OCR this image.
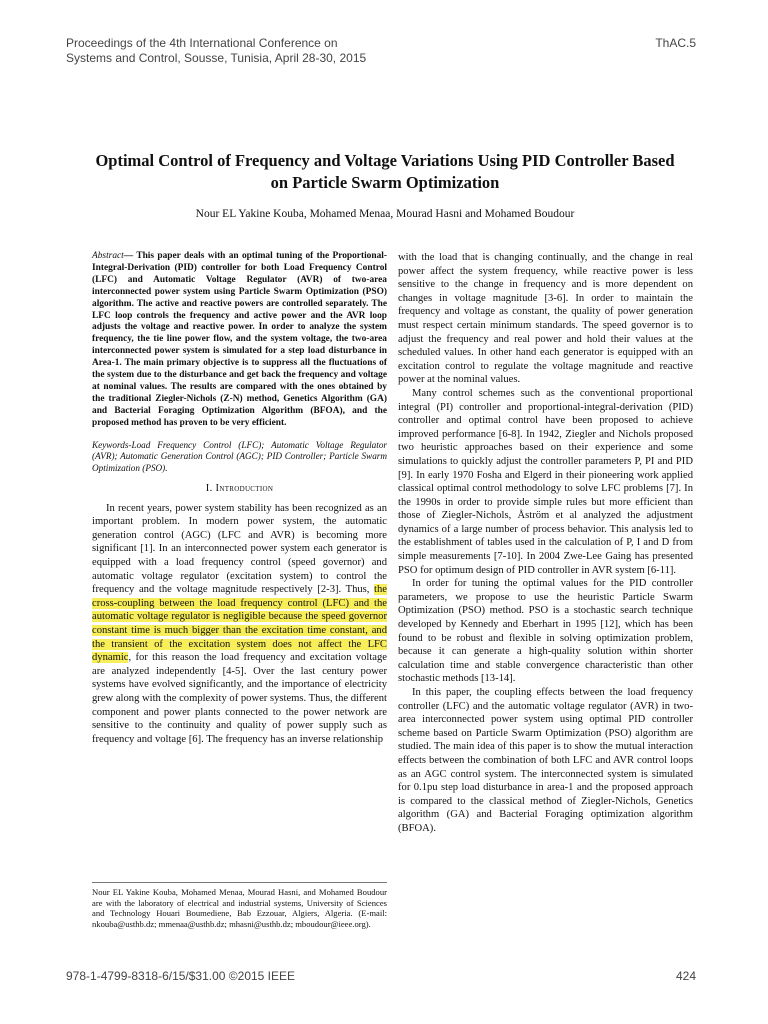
Proceedings of the 4th International Conference on
Systems and Control, Sousse, Tunisia, April 28-30, 2015
ThAC.5
Optimal Control of Frequency and Voltage Variations Using PID Controller Based on Particle Swarm Optimization
Nour EL Yakine Kouba, Mohamed Menaa, Mourad Hasni and Mohamed Boudour
Abstract— This paper deals with an optimal tuning of the Proportional-Integral-Derivation (PID) controller for both Load Frequency Control (LFC) and Automatic Voltage Regulator (AVR) of two-area interconnected power system using Particle Swarm Optimization (PSO) algorithm. The active and reactive powers are controlled separately. The LFC loop controls the frequency and active power and the AVR loop adjusts the voltage and reactive power. In order to analyze the system frequency, the tie line power flow, and the system voltage, the two-area interconnected power system is simulated for a step load disturbance in Area-1. The main primary objective is to suppress all the fluctuations of the system due to the disturbance and get back the frequency and voltage at nominal values. The results are compared with the ones obtained by the traditional Ziegler-Nichols (Z-N) method, Genetics Algorithm (GA) and Bacterial Foraging Optimization Algorithm (BFOA), and the proposed method has proven to be very efficient.
Keywords-Load Frequency Control (LFC); Automatic Voltage Regulator (AVR); Automatic Generation Control (AGC); PID Controller; Particle Swarm Optimization (PSO).
I. Introduction

In recent years, power system stability has been recognized as an important problem. In modern power system, the automatic generation control (AGC) (LFC and AVR) is becoming more significant [1]. In an interconnected power system each generator is equipped with a load frequency control (speed governor) and automatic voltage regulator (excitation system) to control the frequency and the voltage magnitude respectively [2-3]. Thus, the cross-coupling between the load frequency control (LFC) and the automatic voltage regulator is negligible because the speed governor constant time is much bigger than the excitation time constant, and the transient of the excitation system does not affect the LFC dynamic, for this reason the load frequency and excitation voltage are analyzed independently [4-5]. Over the last century power systems have evolved significantly, and the importance of electricity grew along with the complexity of power systems. Thus, the different component and power plants connected to the power network are sensitive to the continuity and quality of power supply such as frequency and voltage [6]. The frequency has an inverse relationship

with the load that is changing continually, and the change in real power affect the system frequency, while reactive power is less sensitive to the change in frequency and is more dependent on changes in voltage magnitude [3-6]. In order to maintain the frequency and voltage as constant, the quality of power generation must respect certain minimum standards. The speed governor is to adjust the frequency and real power and hold their values at the scheduled values. In other hand each generator is equipped with an excitation control to regulate the voltage magnitude and reactive power at the nominal values.

Many control schemes such as the conventional proportional integral (PI) controller and proportional-integral-derivation (PID) controller and optimal control have been proposed to achieve improved performance [6-8]. In 1942, Ziegler and Nichols proposed two heuristic approaches based on their experience and some simulations to quickly adjust the controller parameters P, PI and PID [9]. In early 1970 Fosha and Elgerd in their pioneering work applied classical optimal control methodology to solve LFC problems [7]. In the 1990s in order to provide simple rules but more efficient than those of Ziegler-Nichols, Åström et al analyzed the adjustment dynamics of a large number of process behavior. This analysis led to the establishment of tables used in the calculation of P, I and D from simple measurements [7-10]. In 2004 Zwe-Lee Gaing has presented PSO for optimum design of PID controller in AVR system [6-11].

In order for tuning the optimal values for the PID controller parameters, we propose to use the heuristic Particle Swarm Optimization (PSO) method. PSO is a stochastic search technique developed by Kennedy and Eberhart in 1995 [12], which has been found to be robust and flexible in solving optimization problem, because it can generate a high-quality solution within shorter calculation time and stable convergence characteristic than other stochastic methods [13-14].

In this paper, the coupling effects between the load frequency controller (LFC) and the automatic voltage regulator (AVR) in two-area interconnected power system using optimal PID controller scheme based on Particle Swarm Optimization (PSO) algorithm are studied. The main idea of this paper is to show the mutual interaction effects between the combination of both LFC and AVR control loops as an AGC control system. The interconnected system is simulated for 0.1pu step load disturbance in area-1 and the proposed approach is compared to the classical method of Ziegler-Nichols, Genetics algorithm (GA) and Bacterial Foraging optimization algorithm (BFOA).

Nour EL Yakine Kouba, Mohamed Menaa, Mourad Hasni, and Mohamed Boudour are with the laboratory of electrical and industrial systems, University of Sciences and Technology Houari Boumediene, Bab Ezzouar, Algiers, Algeria. (E-mail: nkouba@usthb.dz; mmenaa@usthb.dz; mhasni@usthb.dz; mboudour@ieee.org).
978-1-4799-8318-6/15/$31.00 ©2015 IEEE	424
